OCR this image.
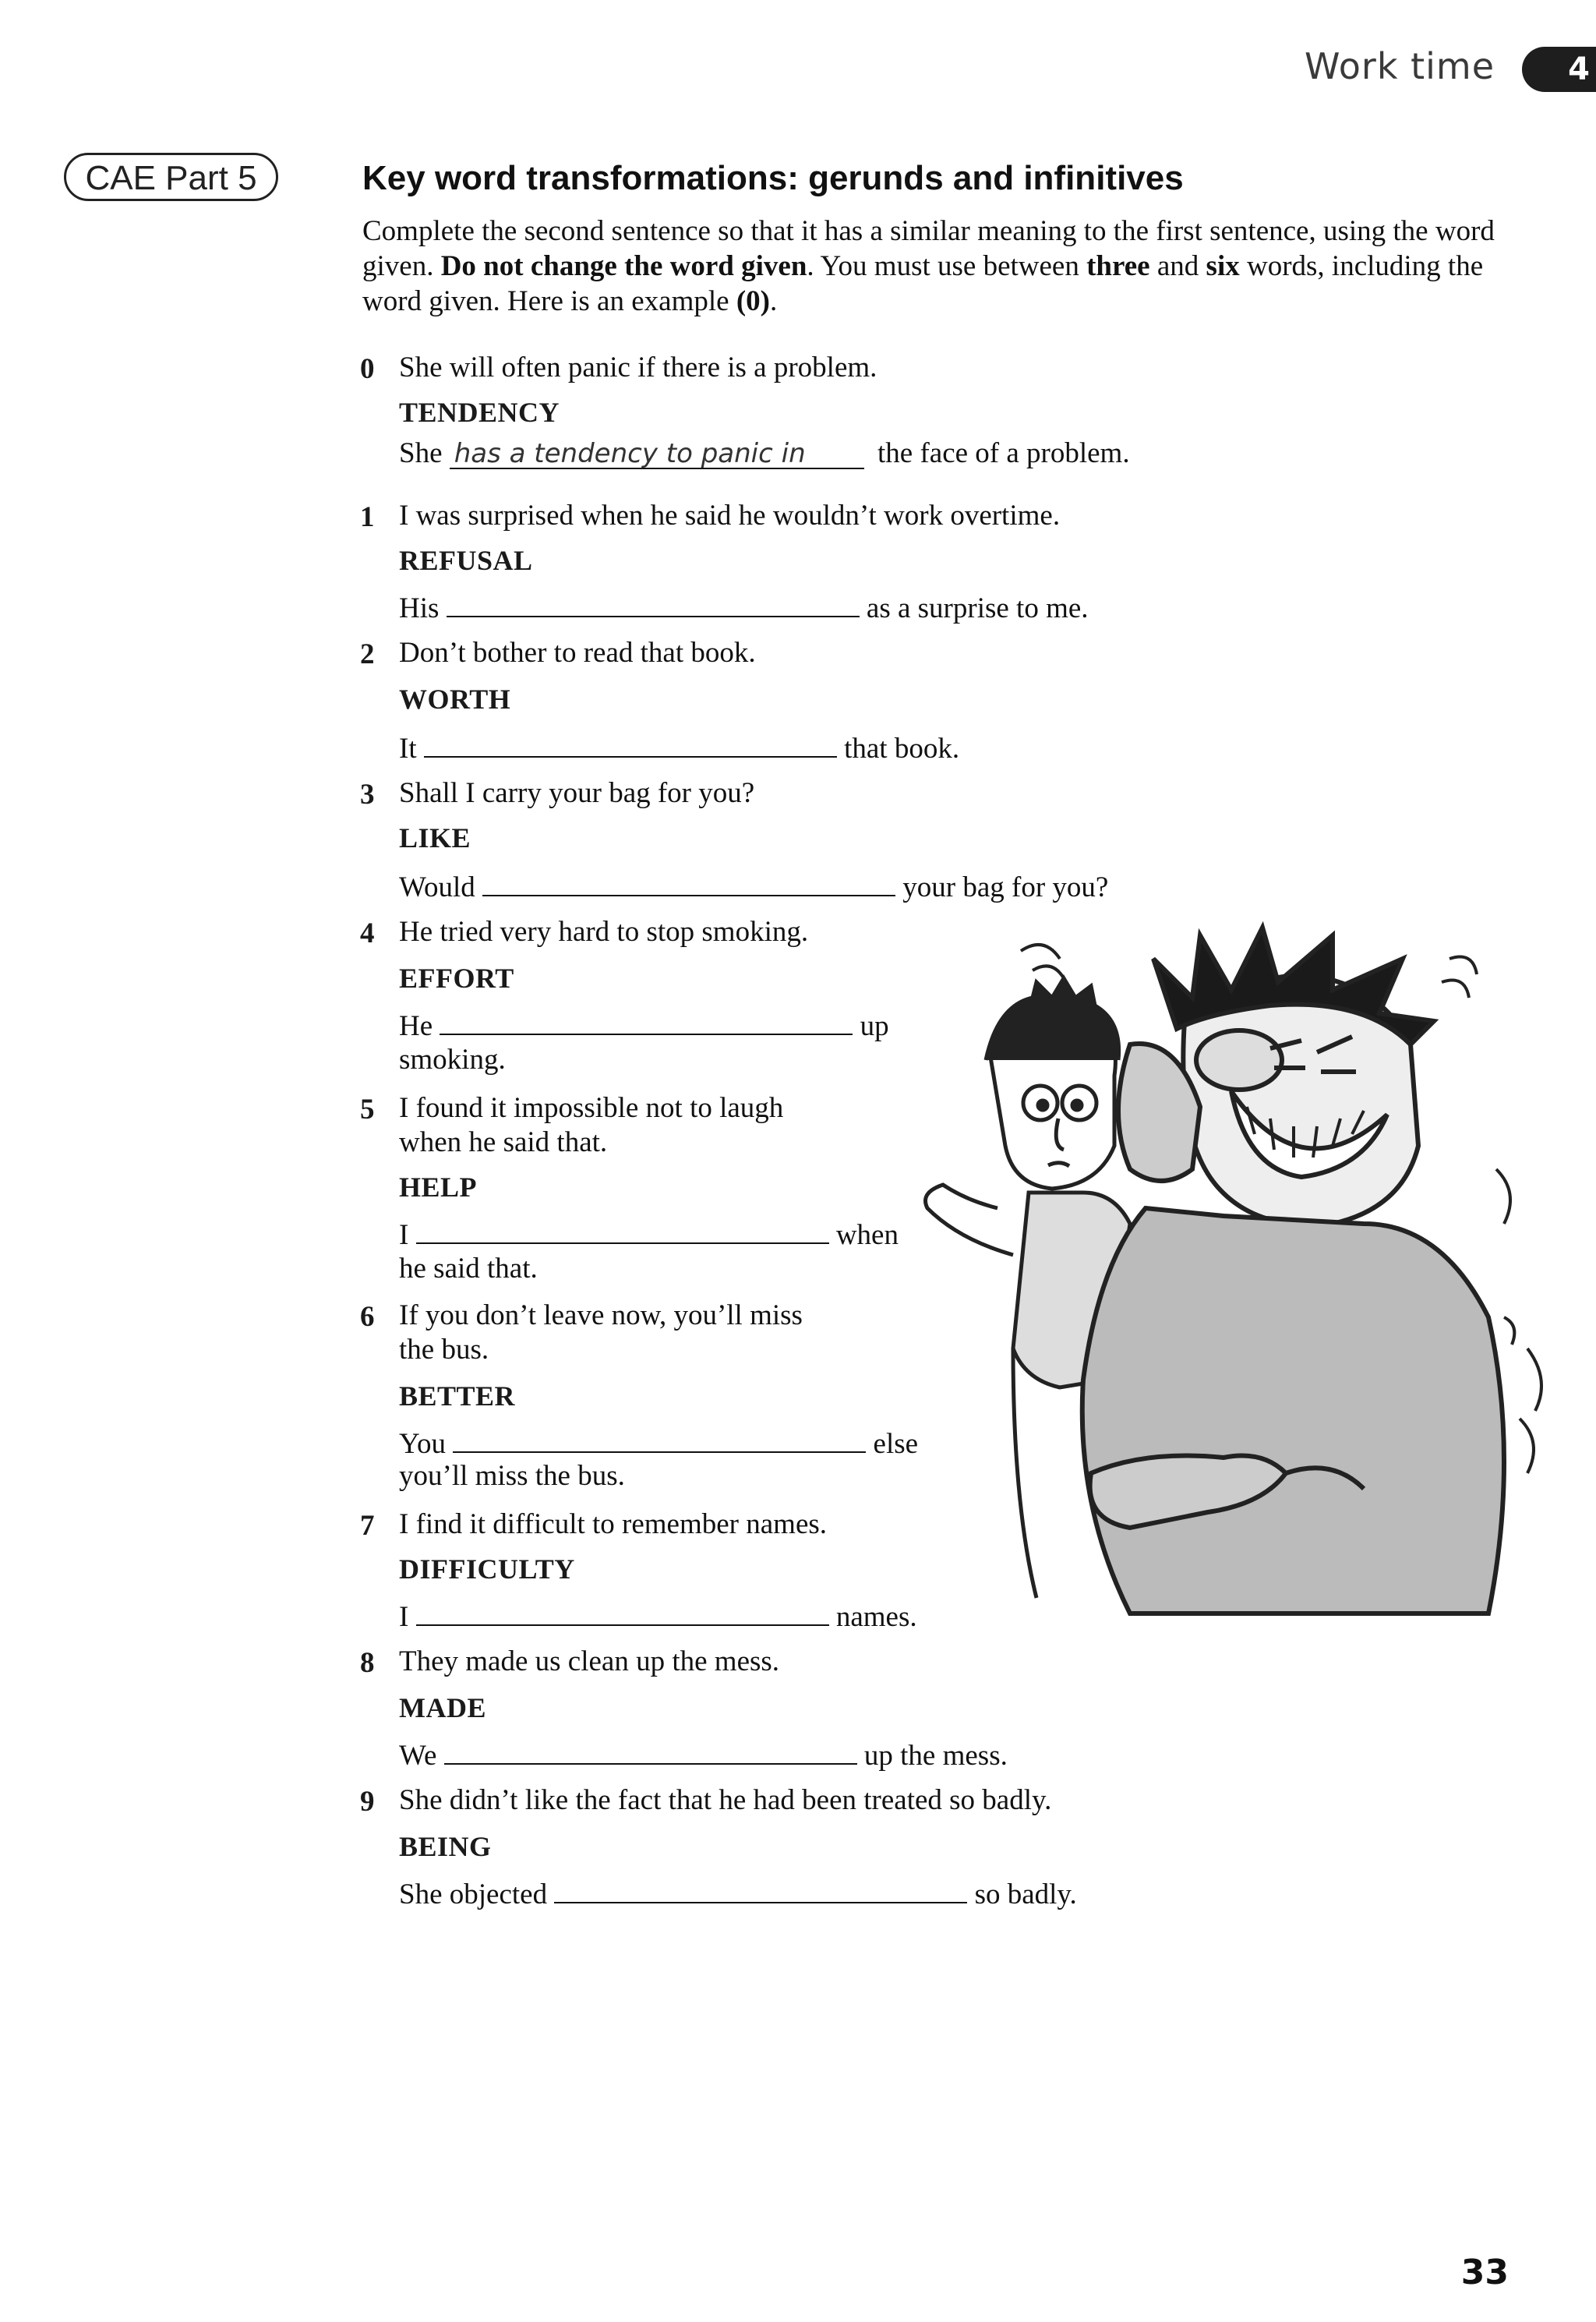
Work time	4
CAE Part 5	Key word transformations: gerunds and infinitives
Complete the second sentence so that it has a similar meaning to the first sentence, using the word given. Do not change the word given. You must use between three and six words, including the word given. Here is an example (0).
0 She will often panic if there is a problem.
TENDENCY
She has a tendency to panic in the face of a problem.
1 I was surprised when he said he wouldn’t work overtime.
REFUSAL
His	as a surprise to me.
2 Don’t bother to read that book.
WORTH
It	that book.
3 Shall I carry your bag for you?
LIKE
Would	your bag for you?
4 He tried very hard to stop smoking.
EFFORT
He	up
smoking.
5 I found it impossible not to laugh
when he said that.
HELP
I	when
he said that.
6 If you don’t leave now, you’ll miss
the bus.
BETTER
You	else
you’ll miss the bus.
7 I find it difficult to remember names.
DIFFICULTY
I	names.
8 They made us clean up the mess.
MADE
We	up the mess.
9 She didn’t like the fact that he had been treated so badly.
BEING
She objected	so badly.
33
